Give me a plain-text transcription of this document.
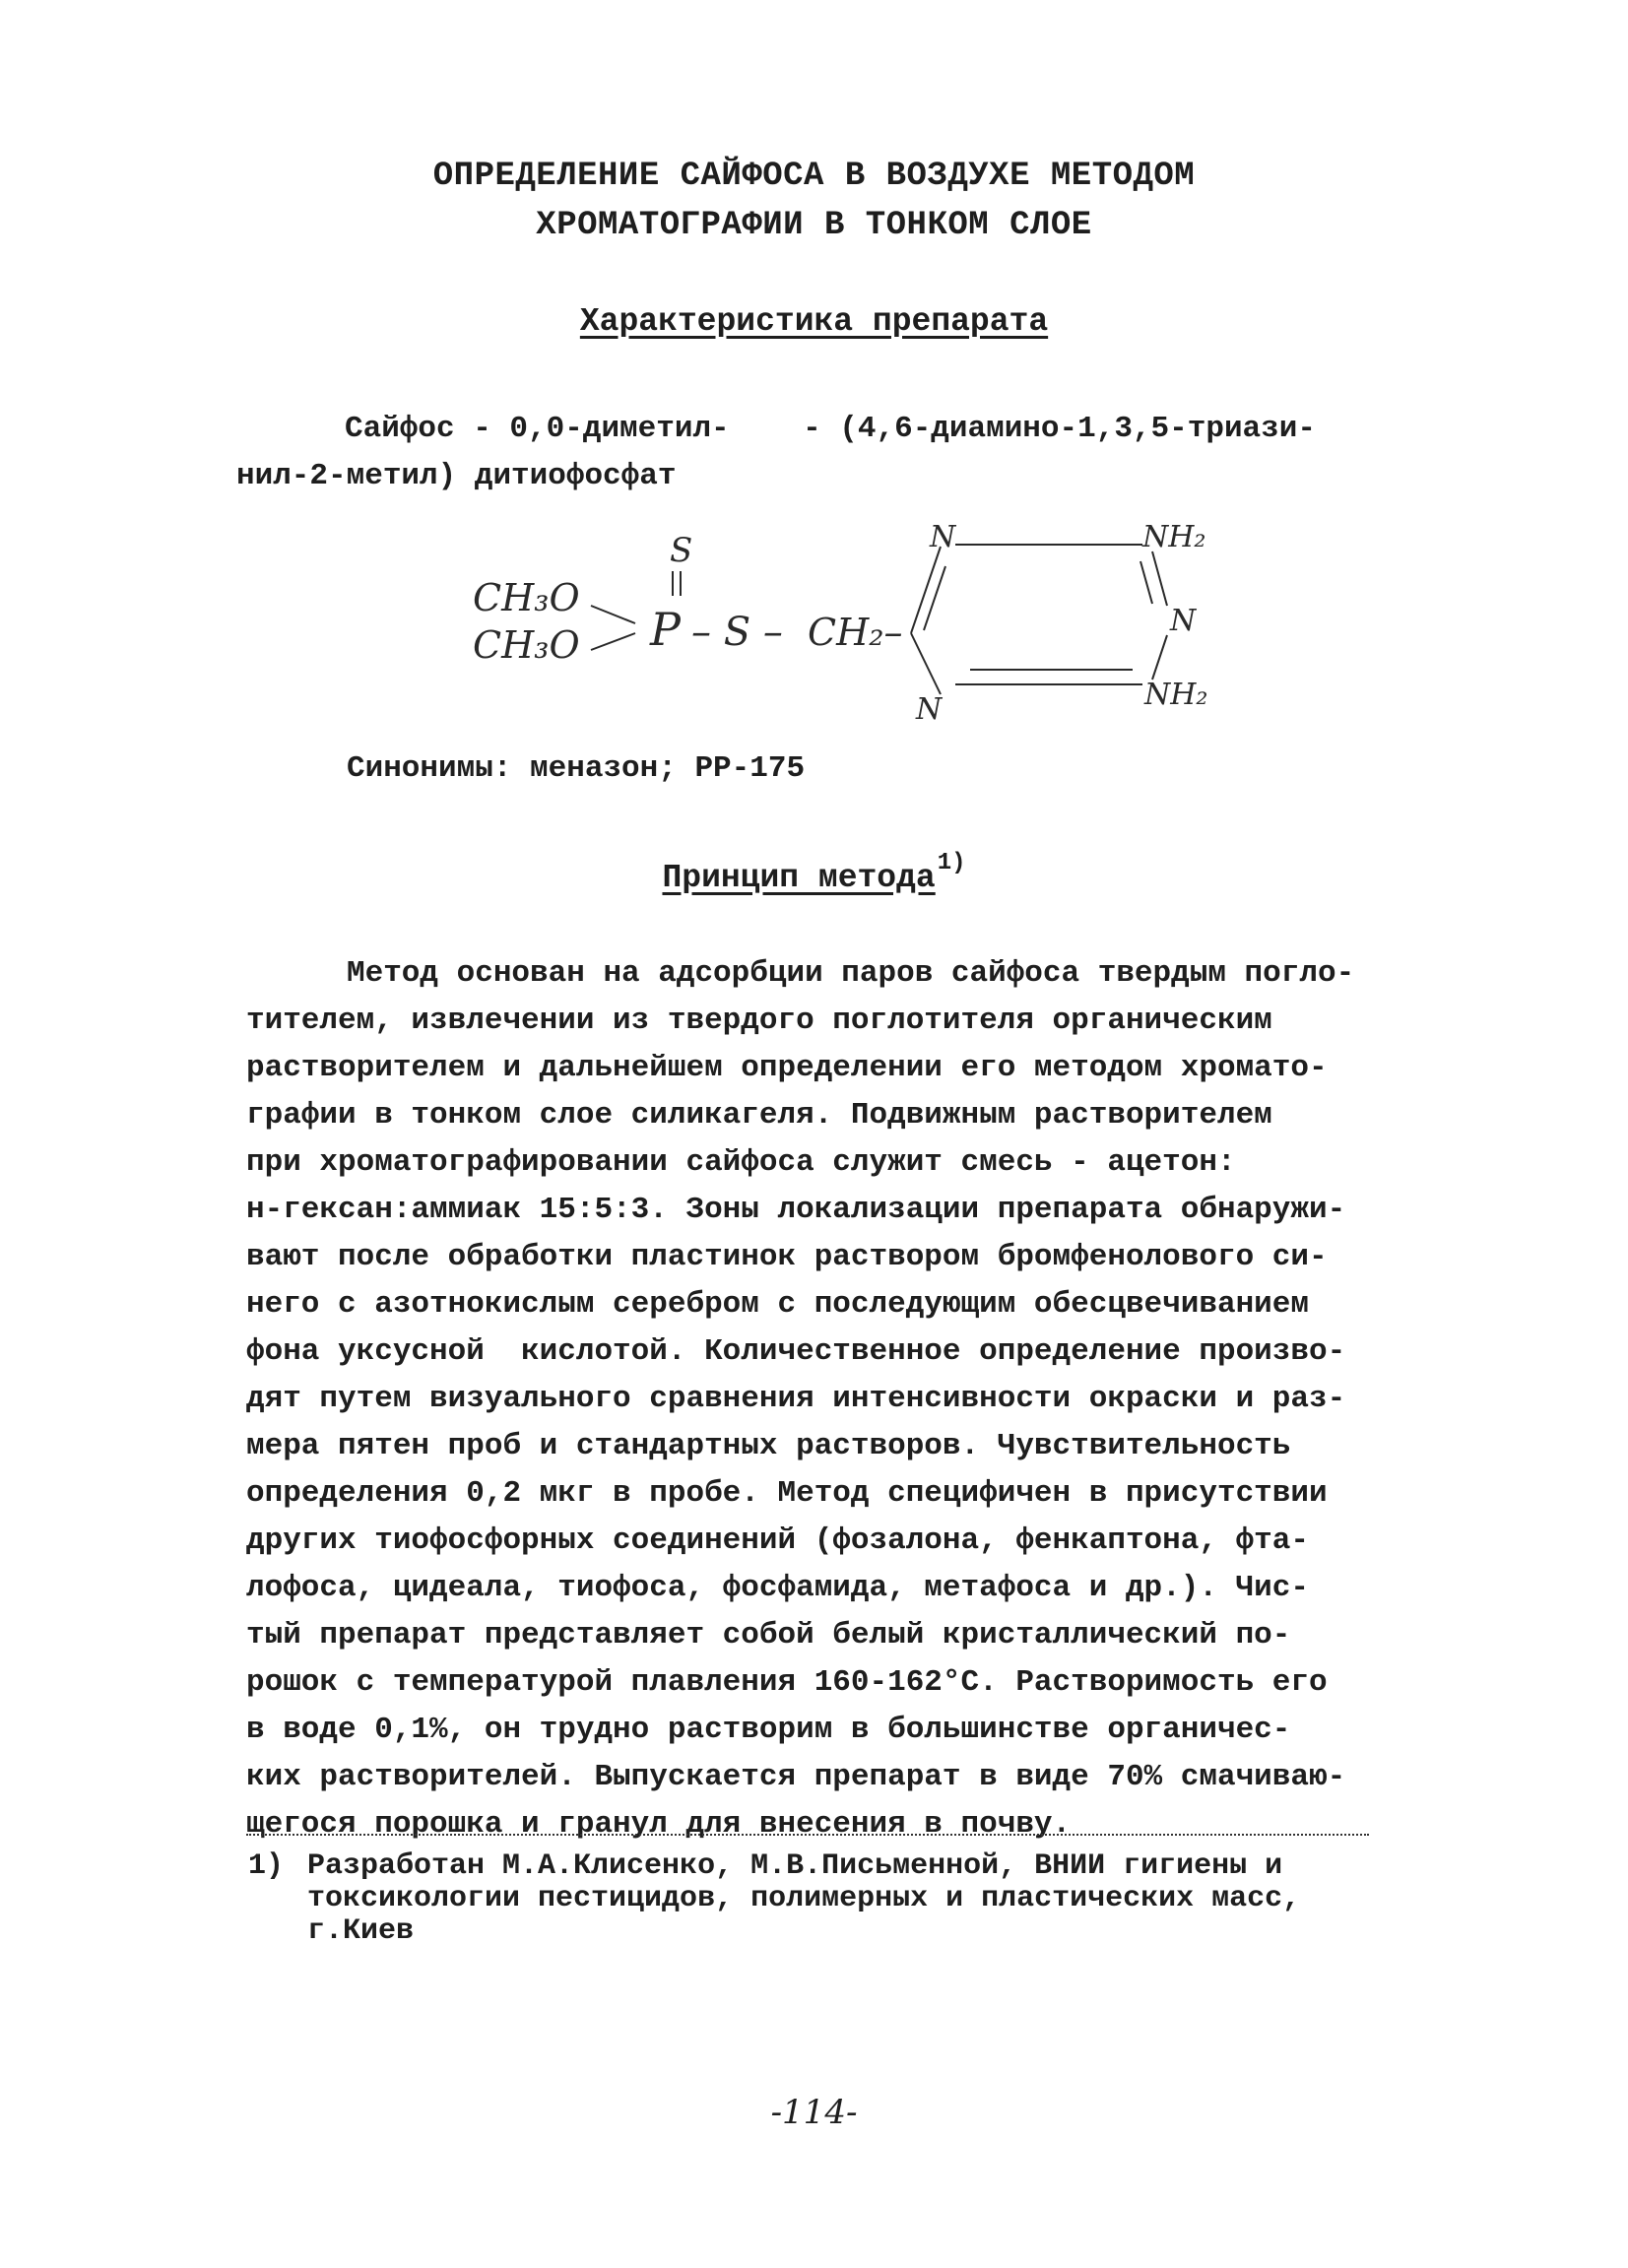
ОПРЕДЕЛЕНИЕ САЙФОСА В ВОЗДУХЕ МЕТОДОМ
ХРОМАТОГРАФИИ В ТОНКОМ СЛОЕ
Характеристика препарата
Сайфос - 0,0-диметил-    - (4,6-диамино-1,3,5-триази-
нил-2-метил) дитиофосфат
S
CH₃O
CH₃O P – S – CH₂–
N	NH₂
N
N	NH₂
Синонимы: меназон; РР-175
Принцип метода$^{1)}$
Метод основан на адсорбции паров сайфоса твердым погло-
тителем, извлечении из твердого поглотителя органическим
растворителем и дальнейшем определении его методом хромато-
графии в тонком слое силикагеля. Подвижным растворителем
при хроматографировании сайфоса служит смесь - ацетон:
н-гексан:аммиак 15:5:3. Зоны локализации препарата обнаружи-
вают после обработки пластинок раствором бромфенолового си-
него с азотнокислым серебром с последующим обесцвечиванием
фона уксусной  кислотой. Количественное определение произво-
дят путем визуального сравнения интенсивности окраски и раз-
мера пятен проб и стандартных растворов. Чувствительность
определения 0,2 мкг в пробе. Метод специфичен в присутствии
других тиофосфорных соединений (фозалона, фенкаптона, фта-
лофоса, цидеала, тиофоса, фосфамида, метафоса и др.). Чис-
тый препарат представляет собой белый кристаллический по-
рошок с температурой плавления 160-162°С. Растворимость его
в воде 0,1%, он трудно растворим в большинстве органичес-
ких растворителей. Выпускается препарат в виде 70% смачиваю-
щегося порошка и гранул для внесения в почву.
1) Разработан М.А.Клисенко, М.В.Письменной, ВНИИ гигиены и
токсикологии пестицидов, полимерных и пластических масс,
г.Киев
-114-
